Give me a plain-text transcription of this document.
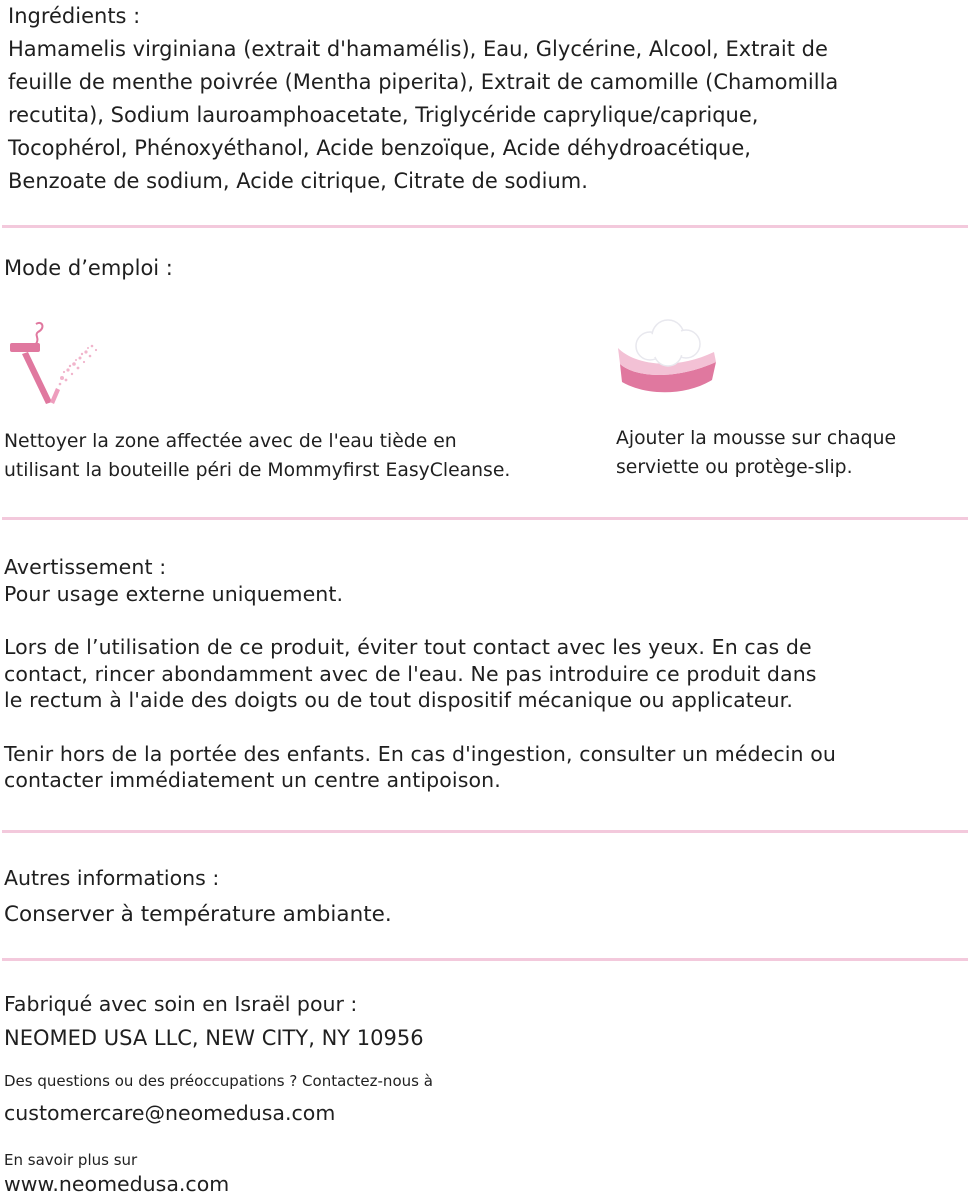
Ingrédients :
Hamamelis virginiana (extrait d'hamamélis), Eau, Glycérine, Alcool, Extrait de
feuille de menthe poivrée (Mentha piperita), Extrait de camomille (Chamomilla
recutita), Sodium lauroamphoacetate, Triglycéride caprylique/caprique,
Tocophérol, Phénoxyéthanol, Acide benzoïque, Acide déhydroacétique,
Benzoate de sodium, Acide citrique, Citrate de sodium.
Mode d’emploi :
Nettoyer la zone affectée avec de l'eau tiède en
utilisant la bouteille péri de Mommyfirst EasyCleanse.
Ajouter la mousse sur chaque
serviette ou protège-slip.
Avertissement :
Pour usage externe uniquement.
Lors de l’utilisation de ce produit, éviter tout contact avec les yeux. En cas de
contact, rincer abondamment avec de l'eau. Ne pas introduire ce produit dans
le rectum à l'aide des doigts ou de tout dispositif mécanique ou applicateur.
Tenir hors de la portée des enfants. En cas d'ingestion, consulter un médecin ou
contacter immédiatement un centre antipoison.
Autres informations :
Conserver à température ambiante.
Fabriqué avec soin en Israël pour :
NEOMED USA LLC, NEW CITY, NY 10956
Des questions ou des préoccupations ? Contactez-nous à
customercare@neomedusa.com
En savoir plus sur
www.neomedusa.com
